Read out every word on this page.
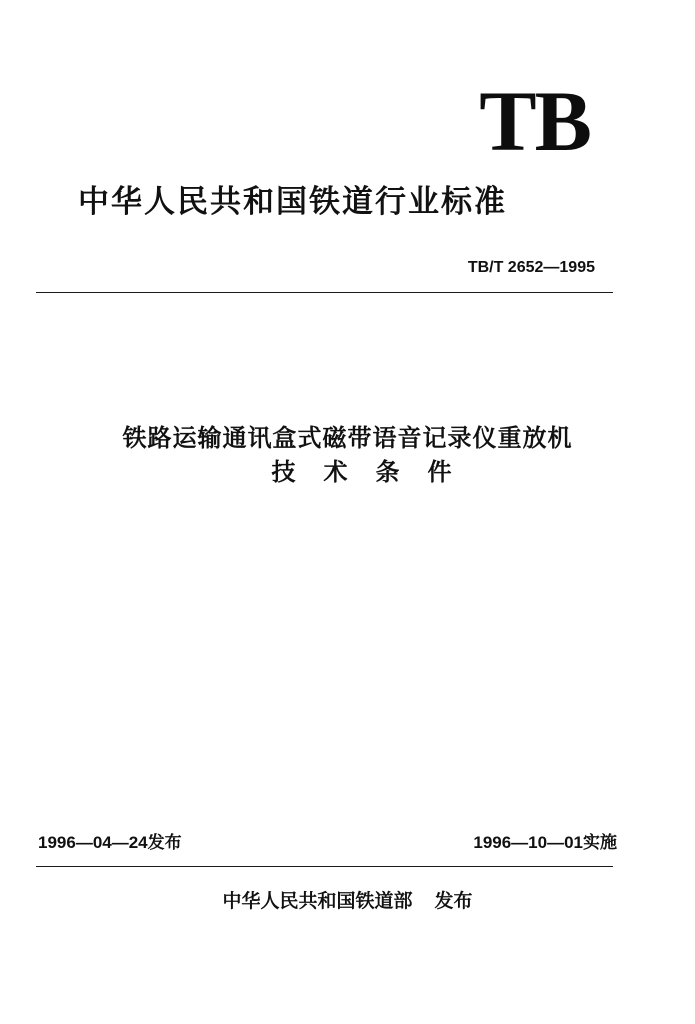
TB
中华人民共和国铁道行业标准
TB/T 2652—1995
铁路运输通讯盒式磁带语音记录仪重放机
技术条件
1996—04—24发布	1996—10—01实施
中华人民共和国铁道部 发布
